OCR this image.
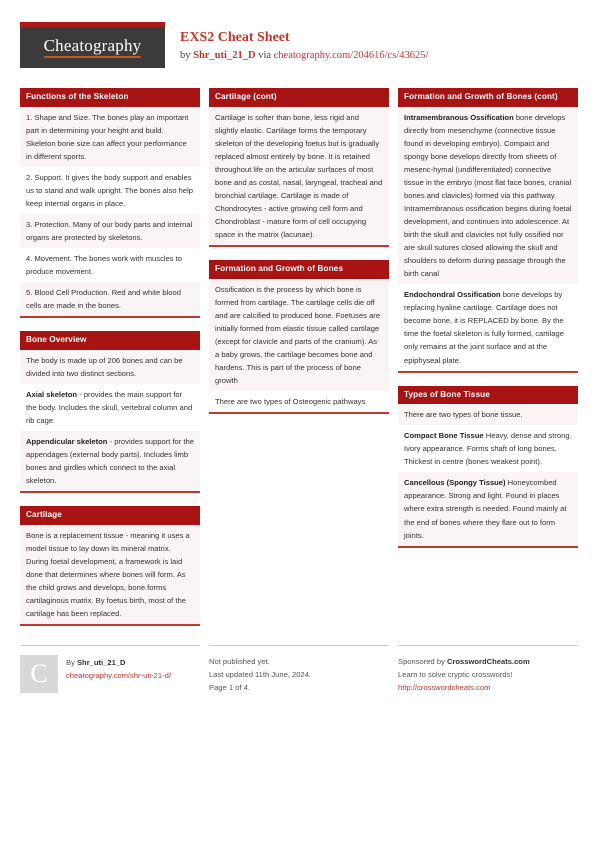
Cheatography	EXS2 Cheat Sheet
by Shr_uti_21_D via cheatography.com/204616/cs/43625/
Functions of the Skeleton
1. Shape and Size. The bones play an important part in determining your height and build. Skeleton bone size can affect your performance in different sports.
2. Support. It gives the body support and enables us to stand and walk upright. The bones also help keep internal organs in place.
3. Protection. Many of our body parts and internal organs are protected by skeletons.
4. Movement. The bones work with muscles to produce movement.
5. Blood Cell Production. Red and white blood cells are made in the bones.
Bone Overview
The body is made up of 206 bones and can be divided into two distinct sections.
Axial skeleton - provides the main support for the body. Includes the skull, vertebral column and rib cage.
Appendicular skeleton - provides support for the appendages (external body parts). Includes limb bones and girdles which connect to the axial skeleton.
Cartilage
Bone is a replacement tissue - meaning it uses a model tissue to lay down its mineral matrix. During foetal development, a framework is laid done that determines where bones will form. As the child grows and develops, bone forms cartilaginous matrix. By foetus birth, most of the cartilage has been replaced.
Cartilage (cont)
Cartilage is softer than bone, less rigid and slightly elastic. Cartilage forms the temporary skeleton of the developing foetus but is gradually replaced almost entirely by bone. It is retained throughout life on the articular surfaces of most bone and as costal, nasal, laryngeal, tracheal and bronchial cartilage. Cartilage is made of Chondrocytes - active growing cell form and Chondroblast - mature form of cell occupying space in the matrix (lacunae).
Formation and Growth of Bones
Ossification is the process by which bone is formed from cartilage. The cartilage cells die off and are calcified to produced bone. Foetuses are initially formed from elastic tissue called cartilage (except for clavicle and parts of the cranium). As a baby grows, the cartilage becomes bone and hardens. This is part of the process of bone growth
There are two types of Osteogenic pathways
Formation and Growth of Bones (cont)
Intramembranous Ossification bone develops directly from mesenchyme (connective tissue found in developing embryo). Compact and spongy bone develops directly from sheets of mesenc-hymal (undifferentiated) connective tissue in the embryo (most flat face bones, cranial bones and clavicles) formed via this pathway. Intramembranous ossification begins during foetal development, and continues into adolescence. At birth the skull and clavicles not fully ossified nor are skull sutures closed allowing the skull and shoulders to deform during passage through the birth canal
Endochondral Ossification bone develops by replacing hyaline cartilage. Cartilage does not become bone, it is REPLACED by bone. By the time the foetal skeleton is fully formed, cartilage only remains at the joint surface and at the epiphyseal plate.
Types of Bone Tissue
There are two types of bone tissue.
Compact Bone Tissue Heavy, dense and strong. Ivory appearance. Forms shaft of long bones. Thickest in centre (bones weakest point).
Cancellous (Spongy Tissue) Honeycombed appearance. Strong and light. Found in places where extra strength is needed. Found mainly at the end of bones where they flare out to form joints.
C	By Shr_uti_21_D
cheatography.com/shr-uti-21-d/
Not published yet.
Last updated 11th June, 2024.
Page 1 of 4.
Sponsored by CrosswordCheats.com
Learn to solve cryptic crosswords!
http://crosswordcheats.com
